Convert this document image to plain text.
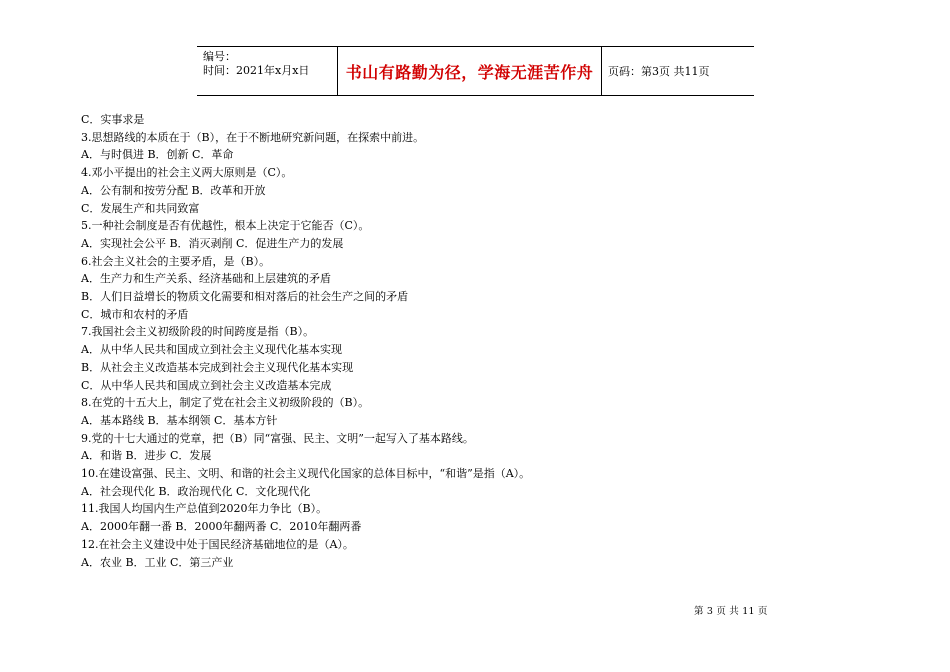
编号：
时间：2021年x月x日	书山有路勤为径，学海无涯苦作舟 页码：第3页 共11页
C．实事求是
3.思想路线的本质在于（B），在于不断地研究新问题，在探索中前进。
A．与时俱进 B．创新 C．革命
4.邓小平提出的社会主义两大原则是（C）。
A．公有制和按劳分配 B．改革和开放
C．发展生产和共同致富
5.一种社会制度是否有优越性，根本上决定于它能否（C）。
A．实现社会公平 B．消灭剥削 C．促进生产力的发展
6.社会主义社会的主要矛盾，是（B）。
A．生产力和生产关系、经济基础和上层建筑的矛盾
B．人们日益增长的物质文化需要和相对落后的社会生产之间的矛盾
C．城市和农村的矛盾
7.我国社会主义初级阶段的时间跨度是指（B）。
A．从中华人民共和国成立到社会主义现代化基本实现
B．从社会主义改造基本完成到社会主义现代化基本实现
C．从中华人民共和国成立到社会主义改造基本完成
8.在党的十五大上，制定了党在社会主义初级阶段的（B）。
A．基本路线 B．基本纲领 C．基本方针
9.党的十七大通过的党章，把（B）同“富强、民主、文明”一起写入了基本路线。
A．和谐 B．进步 C．发展
10.在建设富强、民主、文明、和谐的社会主义现代化国家的总体目标中，“和谐”是指（A）。
A．社会现代化 B．政治现代化 C．文化现代化
11.我国人均国内生产总值到2020年力争比（B）。
A．2000年翻一番 B．2000年翻两番 C．2010年翻两番
12.在社会主义建设中处于国民经济基础地位的是（A）。
A．农业 B．工业 C．第三产业
第 3 页 共 11 页
